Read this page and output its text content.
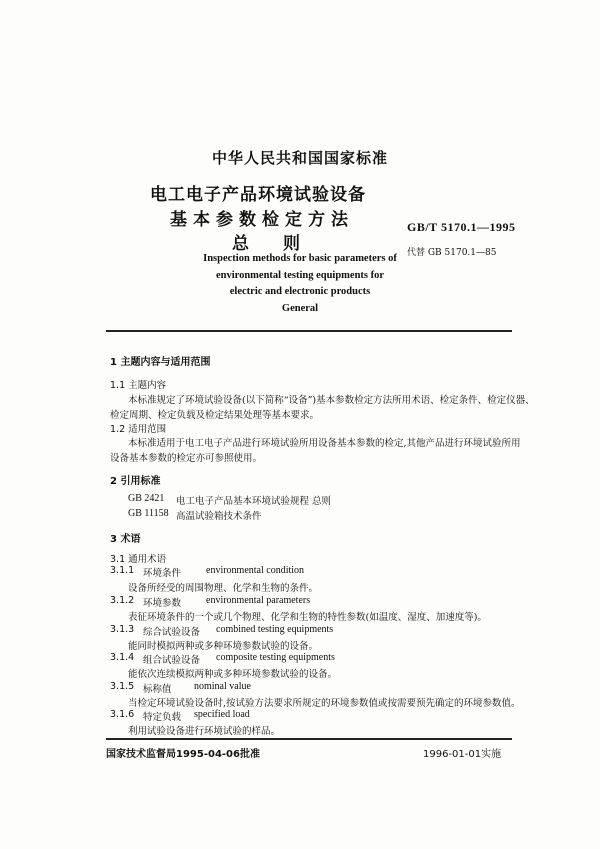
中华人民共和国国家标准
电工电子产品环境试验设备
基本参数检定方法
总则
GB/T 5170.1—1995
代替 GB 5170.1—85
Inspection methods for basic parameters of
environmental testing equipments for
electric and electronic products
General
1 主题内容与适用范围
1.1 主题内容
本标准规定了环境试验设备(以下简称“设备”)基本参数检定方法所用术语、检定条件、检定仪器、
检定周期、检定负载及检定结果处理等基本要求。
1.2 适用范围
本标准适用于电工电子产品进行环境试验所用设备基本参数的检定,其他产品进行环境试验所用
设备基本参数的检定亦可参照使用。
2 引用标准
GB 2421 电工电子产品基本环境试验规程 总则
GB 11158 高温试验箱技术条件
3 术语
3.1 通用术语
3.1.1 环境条件 environmental condition
设备所经受的周围物理、化学和生物的条件。
3.1.2 环境参数 environmental parameters
表征环境条件的一个或几个物理、化学和生物的特性参数(如温度、湿度、加速度等)。
3.1.3 综合试验设备 combined testing equipments
能同时模拟两种或多种环境参数试验的设备。
3.1.4 组合试验设备 composite testing equipments
能依次连续模拟两种或多种环境参数试验的设备。
3.1.5 标称值 nominal value
当检定环境试验设备时,按试验方法要求所规定的环境参数值或按需要预先确定的环境参数值。
3.1.6 特定负载 specified load
利用试验设备进行环境试验的样品。
国家技术监督局1995-04-06批准	1996-01-01实施
